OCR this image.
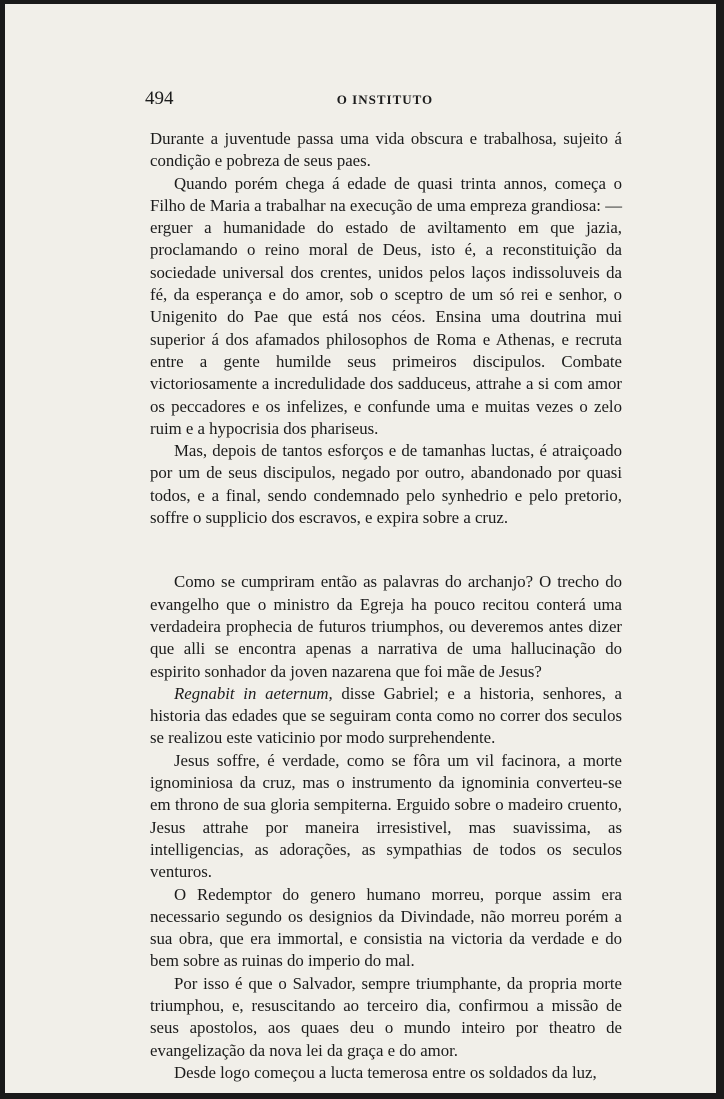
494	O INSTITUTO

Durante a juventude passa uma vida obscura e trabalhosa, sujeito á condição e pobreza de seus paes.

Quando porém chega á edade de quasi trinta annos, começa o Filho de Maria a trabalhar na execução de uma empreza grandiosa: — erguer a humanidade do estado de aviltamento em que jazia, proclamando o reino moral de Deus, isto é, a reconstituição da sociedade universal dos crentes, unidos pelos laços indissoluveis da fé, da esperança e do amor, sob o sceptro de um só rei e senhor, o Unigenito do Pae que está nos céos. Ensina uma doutrina mui superior á dos afamados philosophos de Roma e Athenas, e recruta entre a gente humilde seus primeiros discipulos. Combate victoriosamente a incredulidade dos sadduceus, attrahe a si com amor os peccadores e os infelizes, e confunde uma e muitas vezes o zelo ruim e a hypocrisia dos phariseus.

Mas, depois de tantos esforços e de tamanhas luctas, é atraiçoado por um de seus discipulos, negado por outro, abandonado por quasi todos, e a final, sendo condemnado pelo synhedrio e pelo pretorio, soffre o supplicio dos escravos, e expira sobre a cruz.

Como se cumpriram então as palavras do archanjo? O trecho do evangelho que o ministro da Egreja ha pouco recitou conterá uma verdadeira prophecia de futuros triumphos, ou deveremos antes dizer que alli se encontra apenas a narrativa de uma hallucinação do espirito sonhador da joven nazarena que foi mãe de Jesus?

Regnabit in aeternum, disse Gabriel; e a historia, senhores, a historia das edades que se seguiram conta como no correr dos seculos se realizou este vaticinio por modo surprehendente.

Jesus soffre, é verdade, como se fôra um vil facinora, a morte ignominiosa da cruz, mas o instrumento da ignominia converteu-se em throno de sua gloria sempiterna. Erguido sobre o madeiro cruento, Jesus attrahe por maneira irresistivel, mas suavissima, as intelligencias, as adorações, as sympathias de todos os seculos venturos.

O Redemptor do genero humano morreu, porque assim era necessario segundo os designios da Divindade, não morreu porém a sua obra, que era immortal, e consistia na victoria da verdade e do bem sobre as ruinas do imperio do mal.

Por isso é que o Salvador, sempre triumphante, da propria morte triumphou, e, resuscitando ao terceiro dia, confirmou a missão de seus apostolos, aos quaes deu o mundo inteiro por theatro de evangelização da nova lei da graça e do amor.

Desde logo começou a lucta temerosa entre os soldados da luz,
